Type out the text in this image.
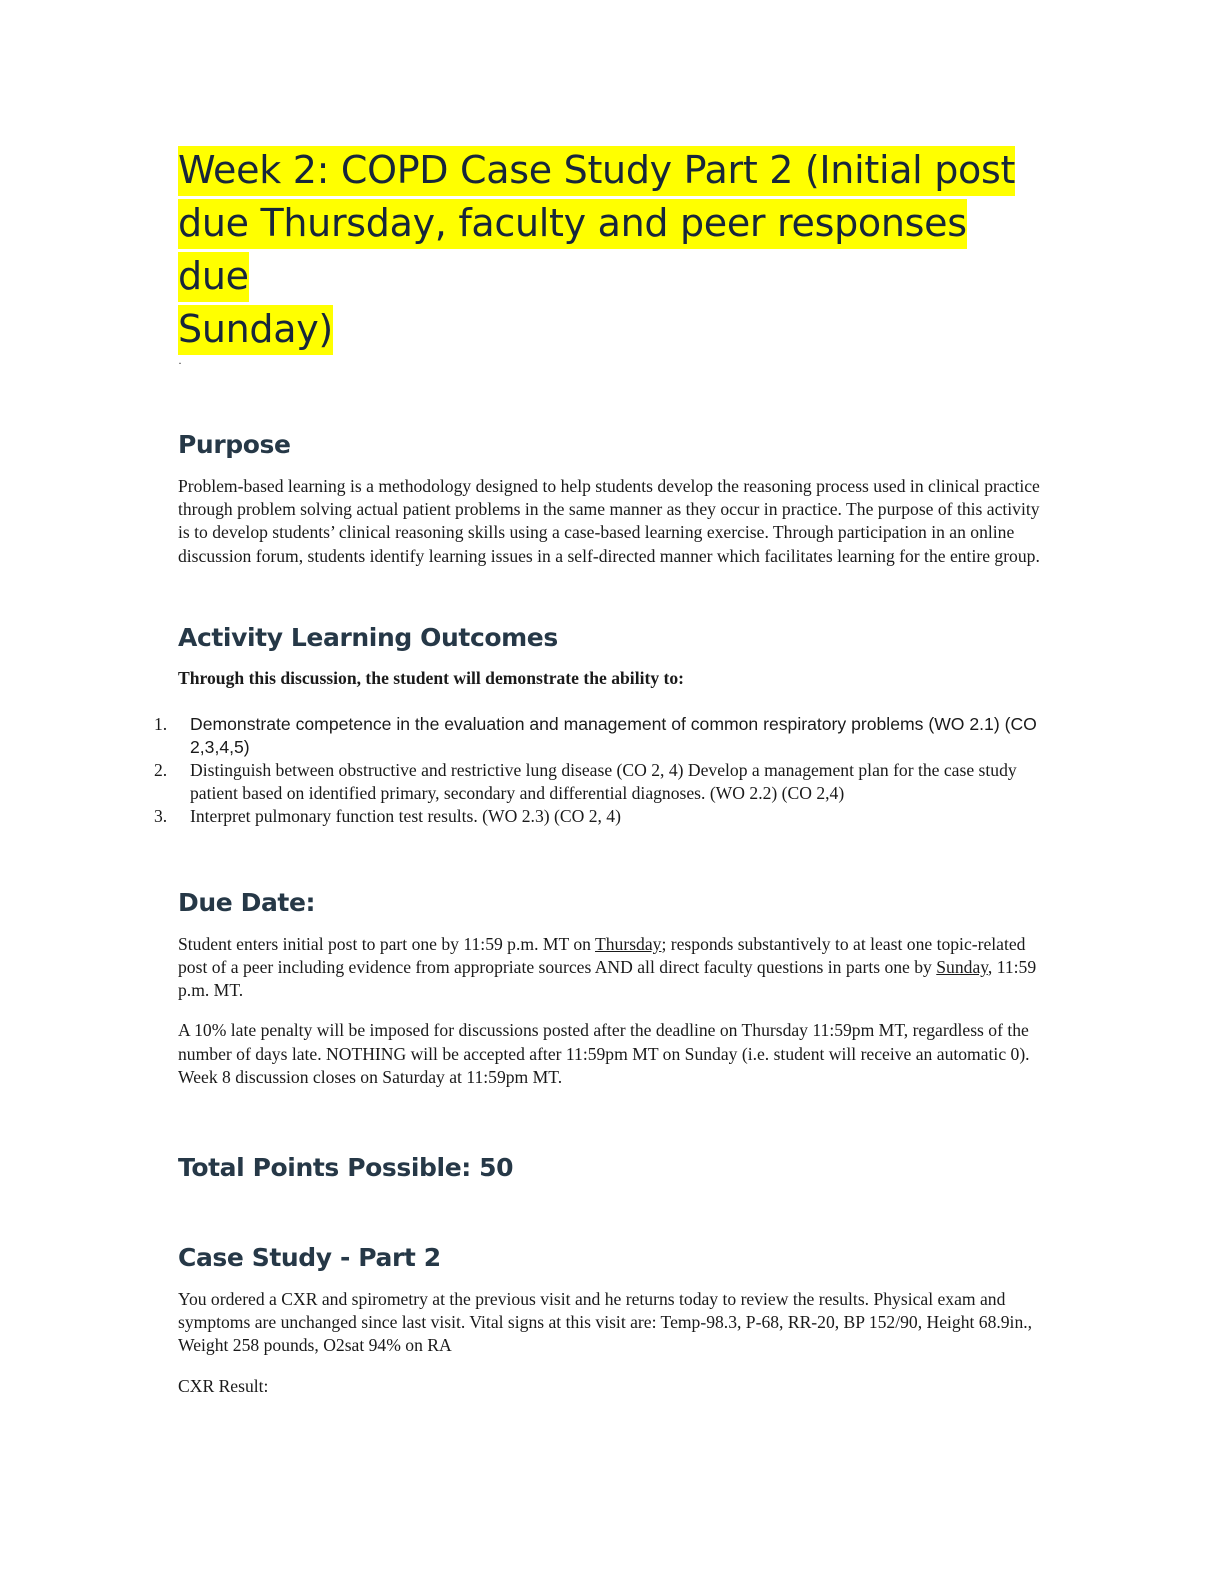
Week 2: COPD Case Study Part 2 (Initial post
due Thursday, faculty and peer responses due
Sunday)

·

Purpose

Problem-based learning is a methodology designed to help students develop the reasoning process used in clinical practice through problem solving actual patient problems in the same manner as they occur in practice. The purpose of this activity is to develop students’ clinical reasoning skills using a case-based learning exercise. Through participation in an online discussion forum, students identify learning issues in a self-directed manner which facilitates learning for the entire group.

Activity Learning Outcomes

Through this discussion, the student will demonstrate the ability to:

1. Demonstrate competence in the evaluation and management of common respiratory problems (WO 2.1) (CO 2,3,4,5)
2. Distinguish between obstructive and restrictive lung disease (CO 2, 4) Develop a management plan for the case study patient based on identified primary, secondary and differential diagnoses. (WO 2.2) (CO 2,4)
3. Interpret pulmonary function test results. (WO 2.3) (CO 2, 4)
Due Date:

Student enters initial post to part one by 11:59 p.m. MT on Thursday; responds substantively to at least one topic-related post of a peer including evidence from appropriate sources AND all direct faculty questions in parts one by Sunday, 11:59 p.m. MT.

A 10% late penalty will be imposed for discussions posted after the deadline on Thursday 11:59pm MT, regardless of the number of days late. NOTHING will be accepted after 11:59pm MT on Sunday (i.e. student will receive an automatic 0). Week 8 discussion closes on Saturday at 11:59pm MT.

Total Points Possible: 50
Case Study - Part 2

You ordered a CXR and spirometry at the previous visit and he returns today to review the results. Physical exam and symptoms are unchanged since last visit. Vital signs at this visit are: Temp-98.3, P-68, RR-20, BP 152/90, Height 68.9in., Weight 258 pounds, O2sat 94% on RA

CXR Result:
